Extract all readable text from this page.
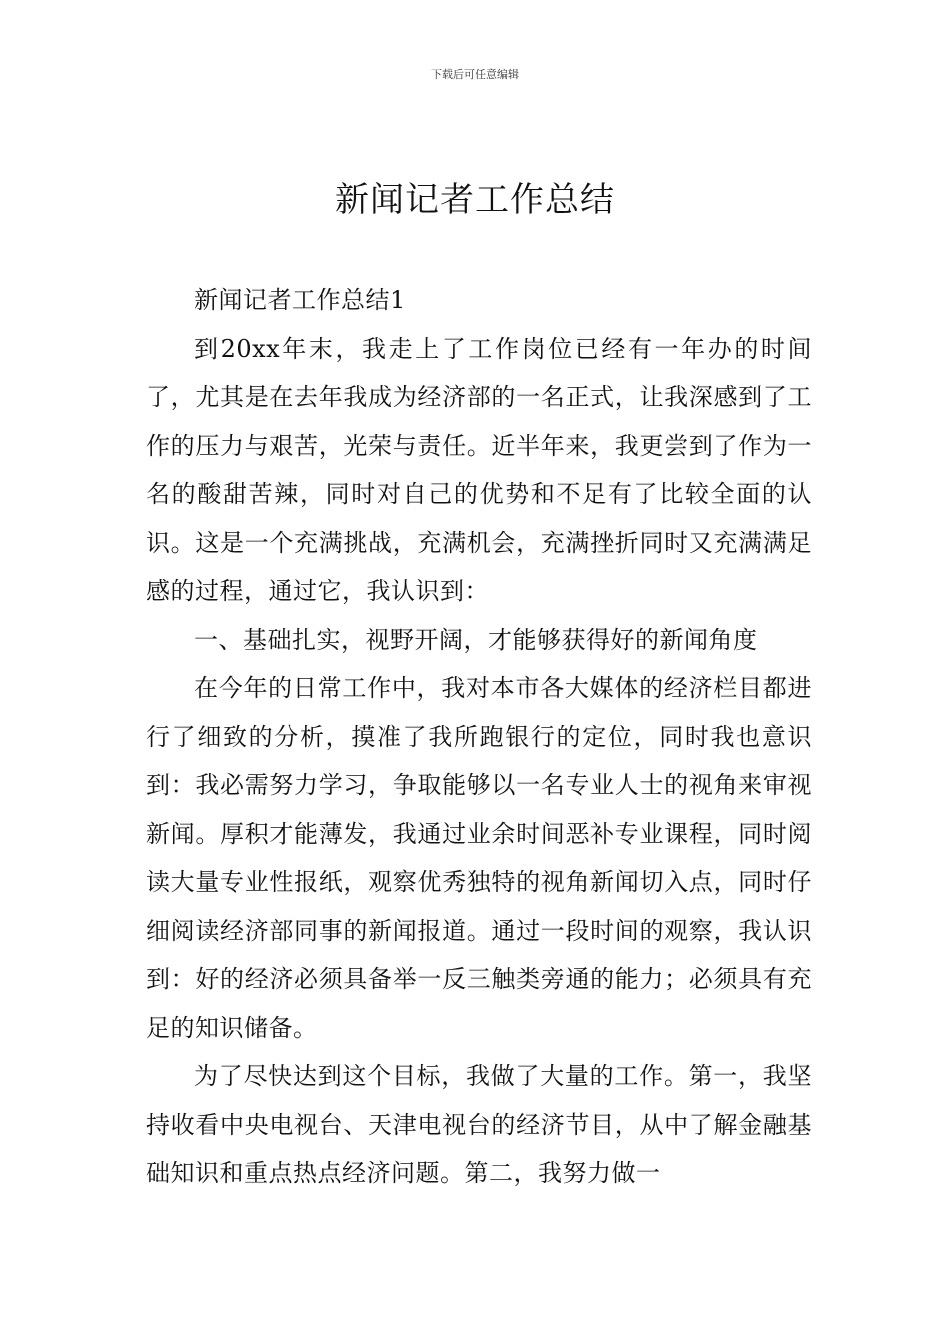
下载后可任意编辑
新闻记者工作总结

新闻记者工作总结1

到20xx年末，我走上了工作岗位已经有一年办的时间了，尤其是在去年我成为经济部的一名正式，让我深感到了工作的压力与艰苦，光荣与责任。近半年来，我更尝到了作为一名的酸甜苦辣，同时对自己的优势和不足有了比较全面的认识。这是一个充满挑战，充满机会，充满挫折同时又充满满足感的过程，通过它，我认识到：

一、基础扎实，视野开阔，才能够获得好的新闻角度

在今年的日常工作中，我对本市各大媒体的经济栏目都进行了细致的分析，摸准了我所跑银行的定位，同时我也意识到：我必需努力学习，争取能够以一名专业人士的视角来审视新闻。厚积才能薄发，我通过业余时间恶补专业课程，同时阅读大量专业性报纸，观察优秀独特的视角新闻切入点，同时仔细阅读经济部同事的新闻报道。通过一段时间的观察，我认识到：好的经济必须具备举一反三触类旁通的能力；必须具有充足的知识储备。

为了尽快达到这个目标，我做了大量的工作。第一，我坚持收看中央电视台、天津电视台的经济节目，从中了解金融基础知识和重点热点经济问题。第二，我努力做一
